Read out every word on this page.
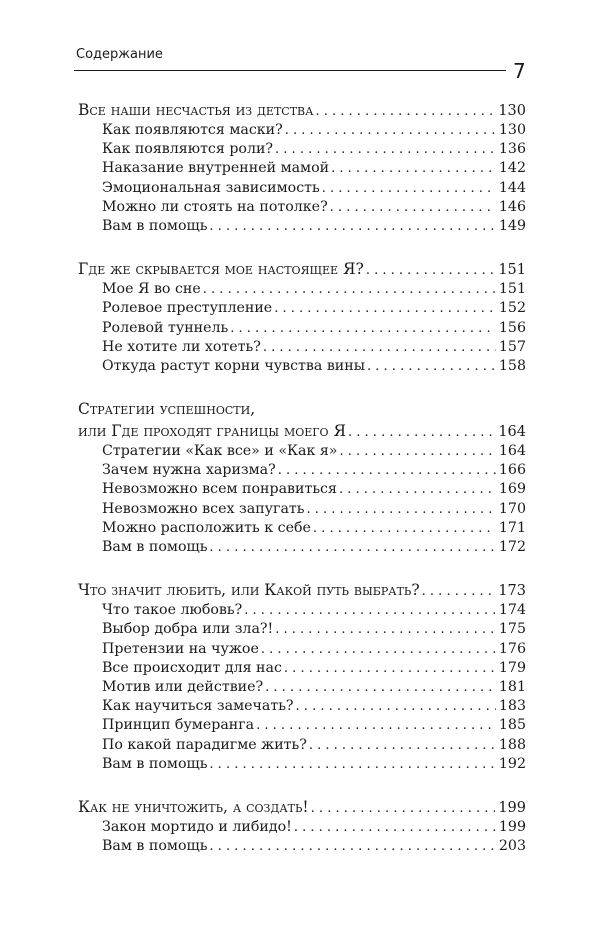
Содержание
7
Все наши несчастья из детства . . .	130
Как появляются маски? . . .	130
Как появляются роли? . . .	136
Наказание внутренней мамой . . .	142
Эмоциональная зависимость . . .	144
Можно ли стоять на потолке? . . .	146
Вам в помощь . . .	149
Где же скрывается мое настоящее Я? . . .	151
Мое Я во сне . . .	151
Ролевое преступление . . .	152
Ролевой туннель . . .	156
Не хотите ли хотеть? . . .	157
Откуда растут корни чувства вины . . .	158
Стратегии успешности,
или Где проходят границы моего Я . . .	164
Стратегии «Как все» и «Как я» . . .	164
Зачем нужна харизма? . . .	166
Невозможно всем понравиться . . .	169
Невозможно всех запугать . . .	170
Можно расположить к себе . . .	171
Вам в помощь . . .	172
Что значит любить, или Какой путь выбрать? . . .	173
Что такое любовь? . . .	174
Выбор добра или зла?! . . .	175
Претензии на чужое . . .	176
Все происходит для нас . . .	179
Мотив или действие? . . .	181
Как научиться замечать? . . .	183
Принцип бумеранга . . .	185
По какой парадигме жить? . . .	188
Вам в помощь . . .	192
Как не уничтожить, а создать! . . .	199
Закон мортидо и либидо! . . .	199
Вам в помощь . . .	203
